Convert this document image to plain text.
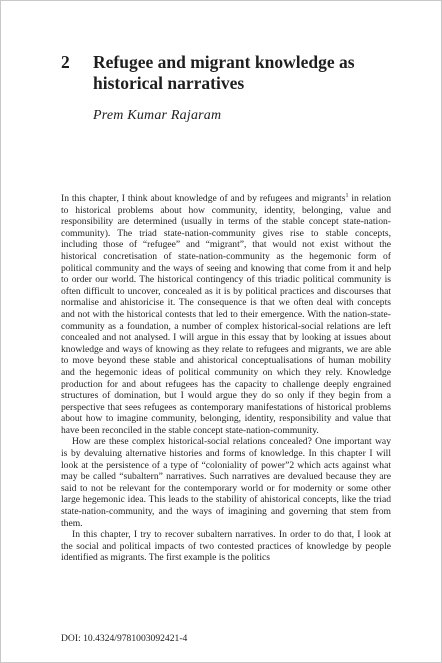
2 Refugee and migrant knowledge as historical narratives
Prem Kumar Rajaram

In this chapter, I think about knowledge of and by refugees and migrants$^1$ in relation to historical problems about how community, identity, belonging, value and responsibility are determined (usually in terms of the stable concept state-nation-community). The triad state-nation-community gives rise to stable concepts, including those of “refugee” and “migrant”, that would not exist without the historical concretisation of state-nation-community as the hegemonic form of political community and the ways of seeing and knowing that come from it and help to order our world. The historical contingency of this triadic political community is often difficult to uncover, concealed as it is by political practices and discourses that normalise and ahistoricise it. The consequence is that we often deal with concepts and not with the historical contests that led to their emergence. With the nation-state-community as a foundation, a number of complex historical-social relations are left concealed and not analysed. I will argue in this essay that by looking at issues about knowledge and ways of knowing as they relate to refugees and migrants, we are able to move beyond these stable and ahistorical conceptualisations of human mobility and the hegemonic ideas of political community on which they rely. Knowledge production for and about refugees has the capacity to challenge deeply engrained structures of domination, but I would argue they do so only if they begin from a perspective that sees refugees as contemporary manifestations of historical problems about how to imagine community, belonging, identity, responsibility and value that have been reconciled in the stable concept state-nation-community.

How are these complex historical-social relations concealed? One important way is by devaluing alternative histories and forms of knowledge. In this chapter I will look at the persistence of a type of “coloniality of power”2 which acts against what may be called “subaltern” narratives. Such narratives are devalued because they are said to not be relevant for the contemporary world or for modernity or some other large hegemonic idea. This leads to the stability of ahistorical concepts, like the triad state-nation-community, and the ways of imagining and governing that stem from them.

In this chapter, I try to recover subaltern narratives. In order to do that, I look at the social and political impacts of two contested practices of knowledge by people identified as migrants. The first example is the politics

DOI: 10.4324/9781003092421-4
